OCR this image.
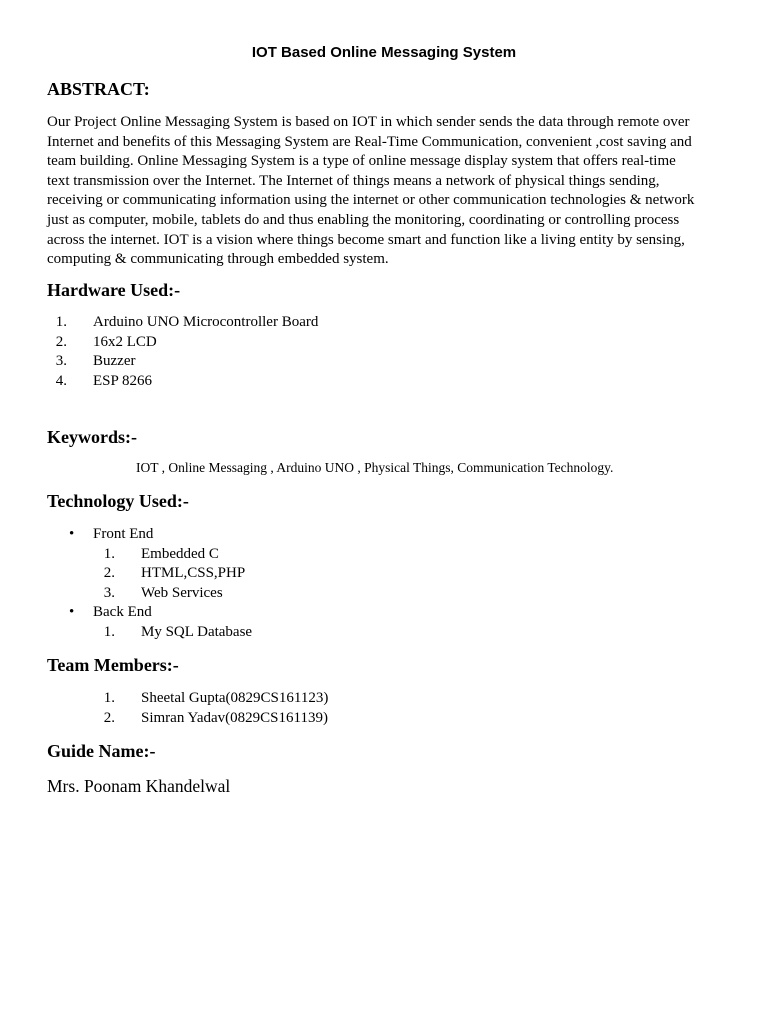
IOT Based Online Messaging System
ABSTRACT:
Our Project Online Messaging System is based on IOT in which sender sends the data through remote over
Internet and benefits of this Messaging System are Real-Time Communication, convenient ,cost saving and
team building. Online Messaging System is a type of online message display system that offers real-time
text transmission over the Internet. The Internet of things means a network of physical things sending,
receiving or communicating information using the internet or other communication technologies & network
just as computer, mobile, tablets do and thus enabling the monitoring, coordinating or controlling process
across the internet. IOT is a vision where things become smart and function like a living entity by sensing,
computing & communicating through embedded system.
Hardware Used:-
1. Arduino UNO Microcontroller Board
2. 16x2 LCD
3. Buzzer
4. ESP 8266
Keywords:-
IOT , Online Messaging , Arduino UNO , Physical Things, Communication Technology.
Technology Used:-
• Front End
1. Embedded C
2. HTML,CSS,PHP
3. Web Services
• Back End
1. My SQL Database
Team Members:-
1. Sheetal Gupta(0829CS161123)
2. Simran Yadav(0829CS161139)
Guide Name:-
Mrs. Poonam Khandelwal
